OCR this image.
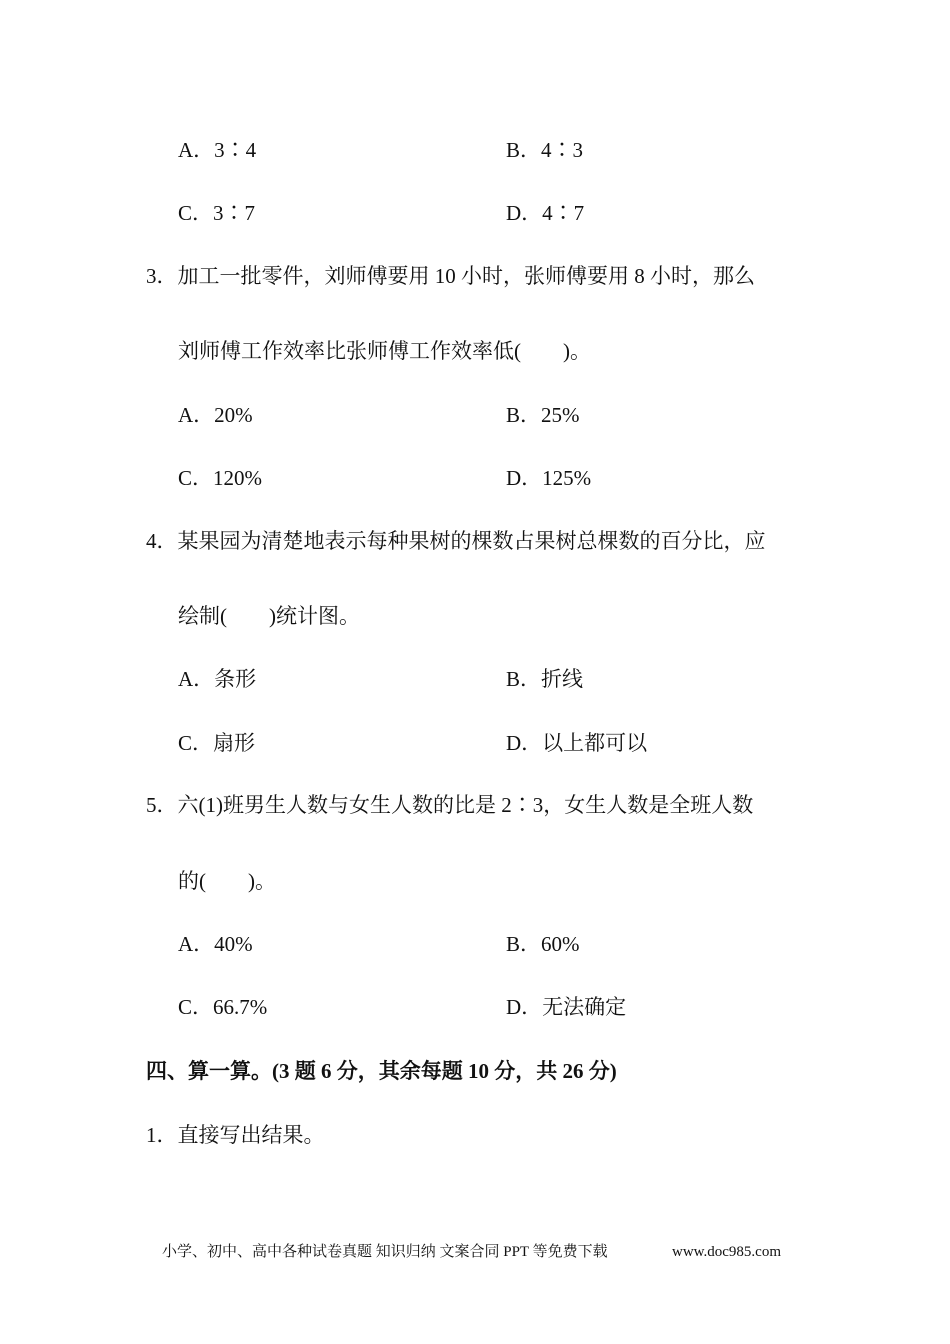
A．3∶4	B．4∶3
C．3∶7	D．4∶7
3．加工一批零件，刘师傅要用 10 小时，张师傅要用 8 小时，那么
刘师傅工作效率比张师傅工作效率低(　　)。
A．20%	B．25%
C．120%	D．125%
4．某果园为清楚地表示每种果树的棵数占果树总棵数的百分比，应
绘制(　　)统计图。
A．条形	B．折线
C．扇形	D．以上都可以
5．六(1)班男生人数与女生人数的比是 2∶3，女生人数是全班人数
的(　　)。
A．40%	B．60%
C．66.7%	D．无法确定
四、算一算。(3 题 6 分，其余每题 10 分，共 26 分)
1．直接写出结果。
小学、初中、高中各种试卷真题 知识归纳 文案合同 PPT 等免费下载	www.doc985.com
